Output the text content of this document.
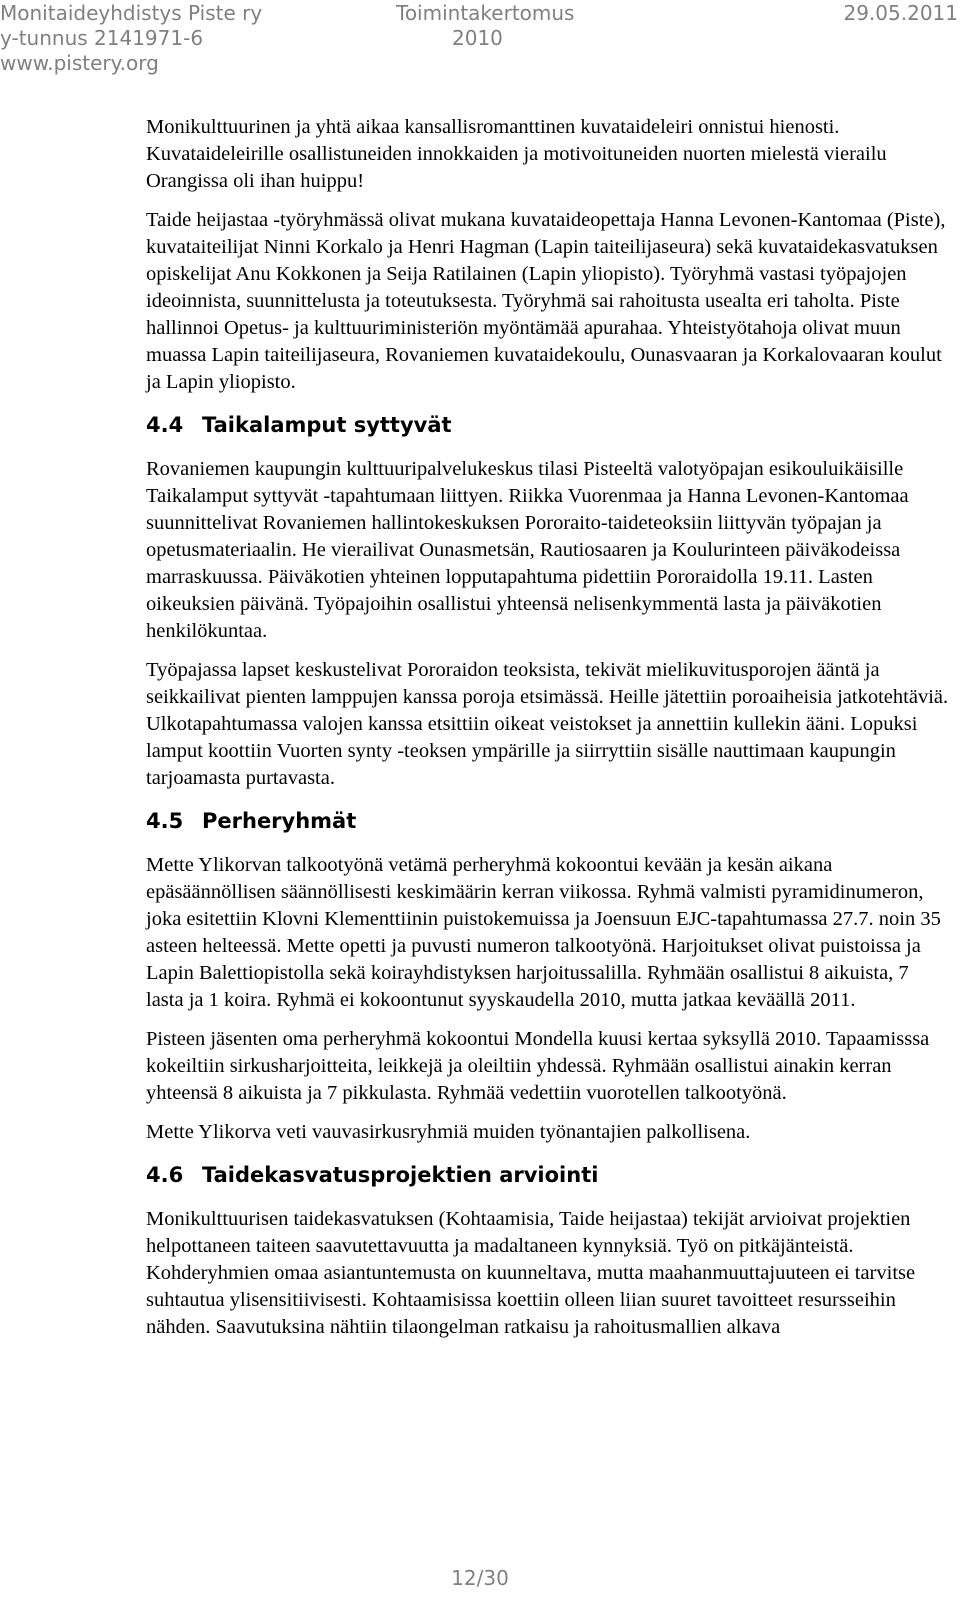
Monitaideyhdistys Piste ry
y-tunnus 2141971-6
www.pistery.org
Toimintakertomus
2010
29.05.2011

Monikulttuurinen ja yhtä aikaa kansallisromanttinen kuvataideleiri onnistui hienosti. Kuvataideleirille osallistuneiden innokkaiden ja motivoituneiden nuorten mielestä vierailu Orangissa oli ihan huippu!

Taide heijastaa -työryhmässä olivat mukana kuvataideopettaja Hanna Levonen-Kantomaa (Piste), kuvataiteilijat Ninni Korkalo ja Henri Hagman (Lapin taiteilijaseura) sekä kuvataidekasvatuksen opiskelijat Anu Kokkonen ja Seija Ratilainen (Lapin yliopisto). Työryhmä vastasi työpajojen ideoinnista, suunnittelusta ja toteutuksesta. Työryhmä sai rahoitusta usealta eri taholta. Piste hallinnoi Opetus- ja kulttuuriministeriön myöntämää apurahaa. Yhteistyötahoja olivat muun muassa Lapin taiteilijaseura, Rovaniemen kuvataidekoulu, Ounasvaaran ja Korkalovaaran koulut ja Lapin yliopisto.

4.4 Taikalamput syttyvät

Rovaniemen kaupungin kulttuuripalvelukeskus tilasi Pisteeltä valotyöpajan esikouluikäisille Taikalamput syttyvät -tapahtumaan liittyen. Riikka Vuorenmaa ja Hanna Levonen-Kantomaa suunnittelivat Rovaniemen hallintokeskuksen Pororaito-taideteoksiin liittyvän työpajan ja opetusmateriaalin. He vierailivat Ounasmetsän, Rautiosaaren ja Koulurinteen päiväkodeissa marraskuussa. Päiväkotien yhteinen lopputapahtuma pidettiin Pororaidolla 19.11. Lasten oikeuksien päivänä. Työpajoihin osallistui yhteensä nelisenkymmentä lasta ja päiväkotien henkilökuntaa.

Työpajassa lapset keskustelivat Pororaidon teoksista, tekivät mielikuvitusporojen ääntä ja seikkailivat pienten lamppujen kanssa poroja etsimässä. Heille jätettiin poroaiheisia jatkotehtäviä. Ulkotapahtumassa valojen kanssa etsittiin oikeat veistokset ja annettiin kullekin ääni. Lopuksi lamput koottiin Vuorten synty -teoksen ympärille ja siirryttiin sisälle nauttimaan kaupungin tarjoamasta purtavasta.

4.5 Perheryhmät

Mette Ylikorvan talkootyönä vetämä perheryhmä kokoontui kevään ja kesän aikana epäsäännöllisen säännöllisesti keskimäärin kerran viikossa. Ryhmä valmisti pyramidinumeron, joka esitettiin Klovni Klementtiinin puistokemuissa ja Joensuun EJC-tapahtumassa 27.7. noin 35 asteen helteessä. Mette opetti ja puvusti numeron talkootyönä. Harjoitukset olivat puistoissa ja Lapin Balettiopistolla sekä koirayhdistyksen harjoitussalilla. Ryhmään osallistui 8 aikuista, 7 lasta ja 1 koira. Ryhmä ei kokoontunut syyskaudella 2010, mutta jatkaa keväällä 2011.

Pisteen jäsenten oma perheryhmä kokoontui Mondella kuusi kertaa syksyllä 2010. Tapaamisssa kokeiltiin sirkusharjoitteita, leikkejä ja oleiltiin yhdessä. Ryhmään osallistui ainakin kerran yhteensä 8 aikuista ja 7 pikkulasta. Ryhmää vedettiin vuorotellen talkootyönä.

Mette Ylikorva veti vauvasirkusryhmiä muiden työnantajien palkollisena.

4.6 Taidekasvatusprojektien arviointi

Monikulttuurisen taidekasvatuksen (Kohtaamisia, Taide heijastaa) tekijät arvioivat projektien helpottaneen taiteen saavutettavuutta ja madaltaneen kynnyksiä. Työ on pitkäjänteistä. Kohderyhmien omaa asiantuntemusta on kuunneltava, mutta maahanmuuttajuuteen ei tarvitse suhtautua ylisensitiivisesti. Kohtaamisissa koettiin olleen liian suuret tavoitteet resursseihin nähden. Saavutuksina nähtiin tilaongelman ratkaisu ja rahoitusmallien alkava

12/30
